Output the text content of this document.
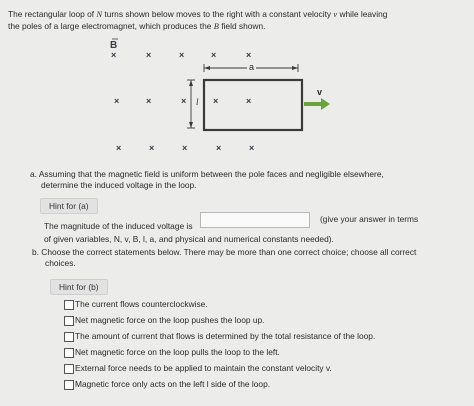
The rectangular loop of N turns shown below moves to the right with a constant velocity v while leaving
the poles of a large electromagnet, which produces the B field shown.
B
a
l
v
×	×	×	×	×
×	×	×	×	×
×	×	×	×	×
a. Assuming that the magnetic field is uniform between the pole faces and negligible elsewhere,
determine the induced voltage in the loop.
Hint for (a)
The magnitude of the induced voltage is
(give your answer in terms
of given variables, N, v, B, l, a, and physical and numerical constants needed).
b. Choose the correct statements below. There may be more than one correct choice; choose all correct
choices.
Hint for (b)
The current flows counterclockwise.
Net magnetic force on the loop pushes the loop up.
The amount of current that flows is determined by the total resistance of the loop.
Net magnetic force on the loop pulls the loop to the left.
External force needs to be applied to maintain the constant velocity v.
Magnetic force only acts on the left l side of the loop.
